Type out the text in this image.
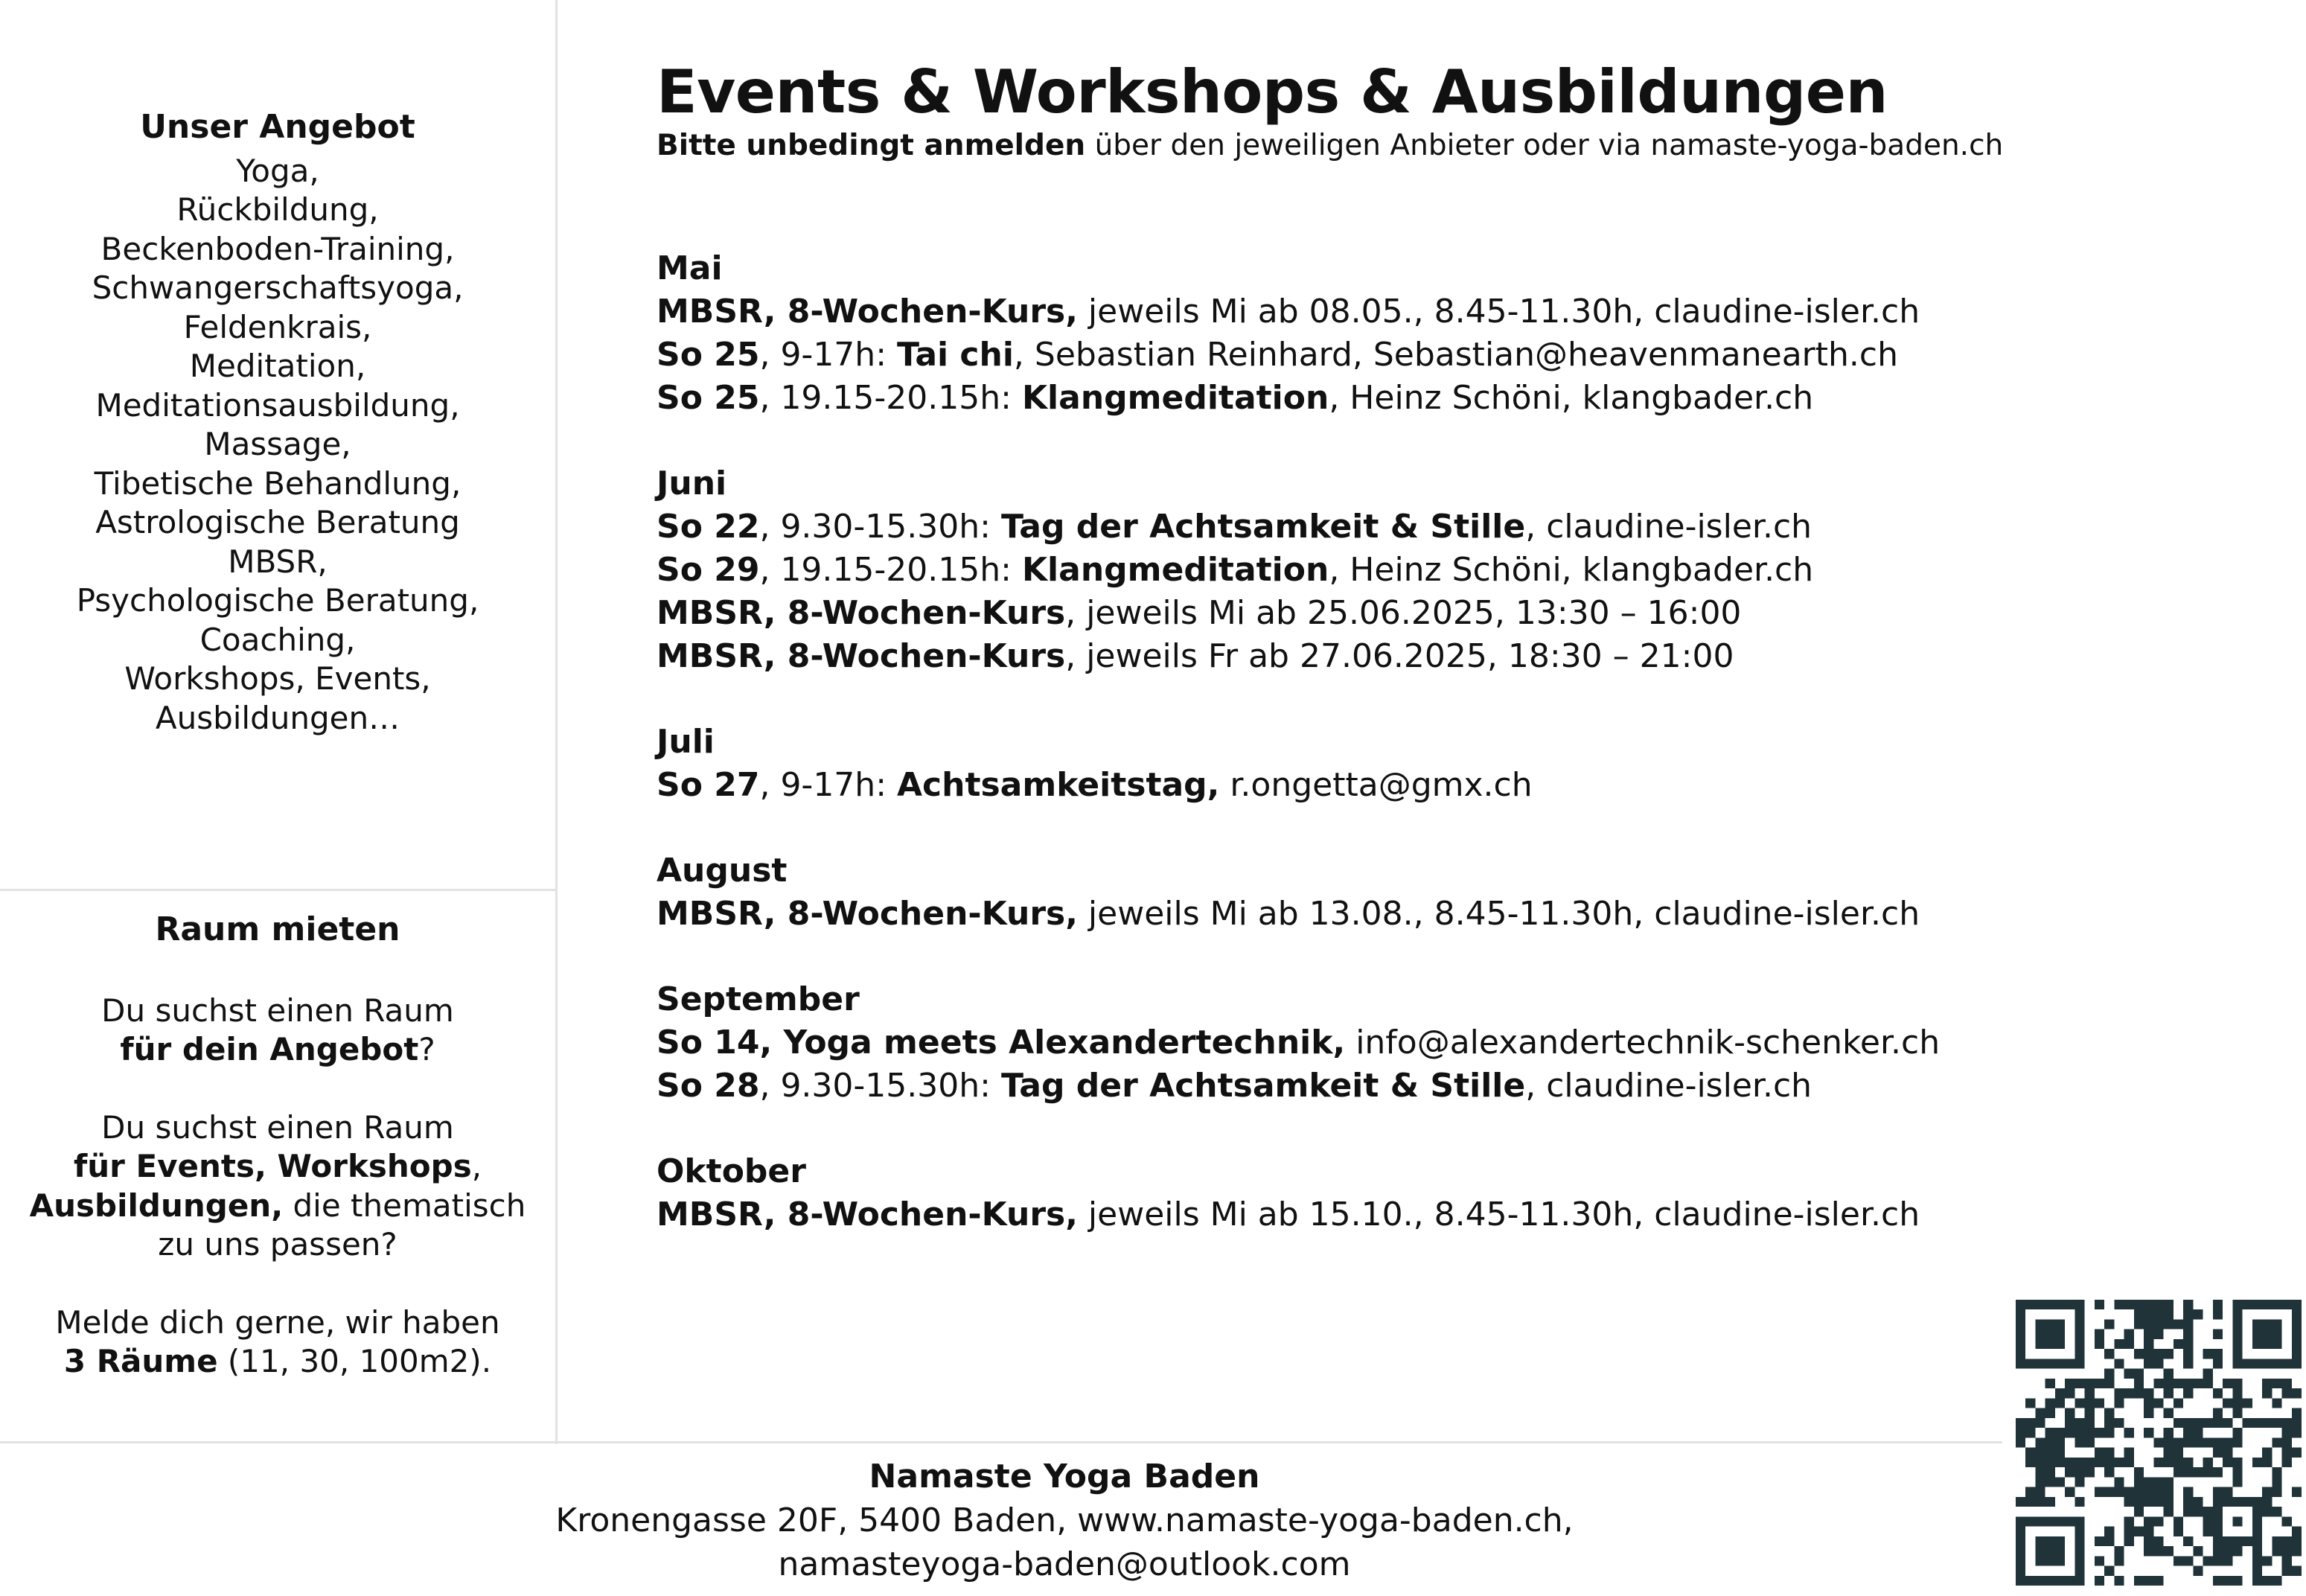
Unser Angebot
Yoga,
Rückbildung,
Beckenboden-Training,
Schwangerschaftsyoga,
Feldenkrais,
Meditation,
Meditationsausbildung,
Massage,
Tibetische Behandlung,
Astrologische Beratung
MBSR,
Psychologische Beratung,
Coaching,
Workshops, Events,
Ausbildungen…
Raum mieten
Du suchst einen Raum
für dein Angebot?
Du suchst einen Raum
für Events, Workshops,
Ausbildungen, die thematisch
zu uns passen?
Melde dich gerne, wir haben
3 Räume (11, 30, 100m2).
Events & Workshops & Ausbildungen
Bitte unbedingt anmelden über den jeweiligen Anbieter oder via namaste-yoga-baden.ch
Mai
MBSR, 8-Wochen-Kurs, jeweils Mi ab 08.05., 8.45-11.30h, claudine-isler.ch
So 25, 9-17h: Tai chi, Sebastian Reinhard, Sebastian@heavenmanearth.ch
So 25, 19.15-20.15h: Klangmeditation, Heinz Schöni, klangbader.ch
Juni
So 22, 9.30-15.30h: Tag der Achtsamkeit & Stille, claudine-isler.ch
So 29, 19.15-20.15h: Klangmeditation, Heinz Schöni, klangbader.ch
MBSR, 8-Wochen-Kurs, jeweils Mi ab 25.06.2025, 13:30 – 16:00
MBSR, 8-Wochen-Kurs, jeweils Fr ab 27.06.2025, 18:30 – 21:00
Juli
So 27, 9-17h: Achtsamkeitstag, r.ongetta@gmx.ch
August
MBSR, 8-Wochen-Kurs, jeweils Mi ab 13.08., 8.45-11.30h, claudine-isler.ch
September
So 14, Yoga meets Alexandertechnik, info@alexandertechnik-schenker.ch
So 28, 9.30-15.30h: Tag der Achtsamkeit & Stille, claudine-isler.ch
Oktober
MBSR, 8-Wochen-Kurs, jeweils Mi ab 15.10., 8.45-11.30h, claudine-isler.ch
Namaste Yoga Baden
Kronengasse 20F, 5400 Baden, www.namaste-yoga-baden.ch,
namasteyoga-baden@outlook.com
